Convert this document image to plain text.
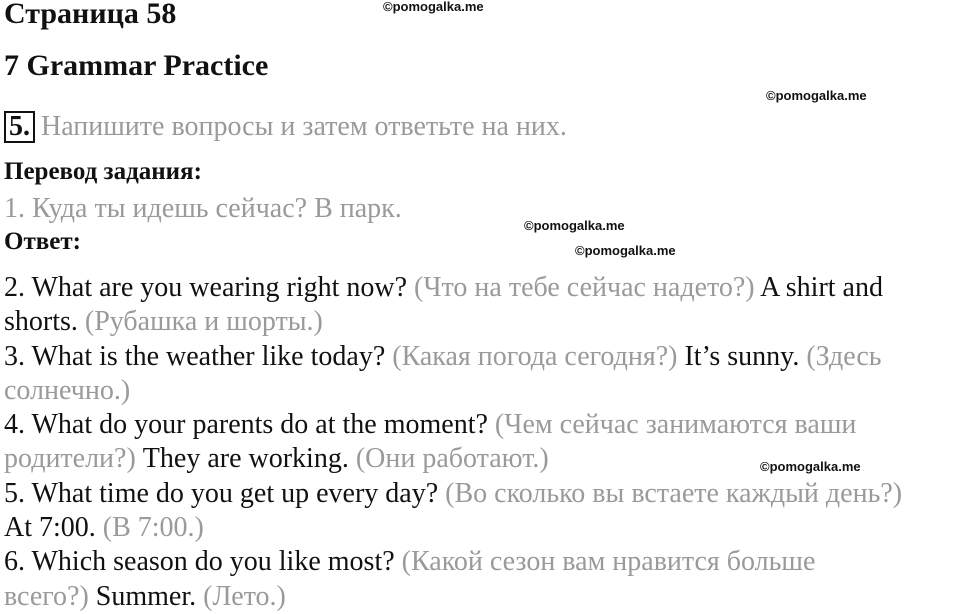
Страница 58
7 Grammar Practice
5. Напишите вопросы и затем ответьте на них.
Перевод задания:
1. Куда ты идешь сейчас? В парк.
Ответ:
2. What are you wearing right now? (Что на тебе сейчас надето?) A shirt and
shorts. (Рубашка и шорты.)
3. What is the weather like today? (Какая погода сегодня?) It’s sunny. (Здесь
солнечно.)
4. What do your parents do at the moment? (Чем сейчас занимаются ваши
родители?) They are working. (Они работают.)
5. What time do you get up every day? (Во сколько вы встаете каждый день?)
At 7:00. (В 7:00.)
6. Which season do you like most? (Какой сезон вам нравится больше
всего?) Summer. (Лето.)
©pomogalka.me
©pomogalka.me
©pomogalka.me
©pomogalka.me
©pomogalka.me
